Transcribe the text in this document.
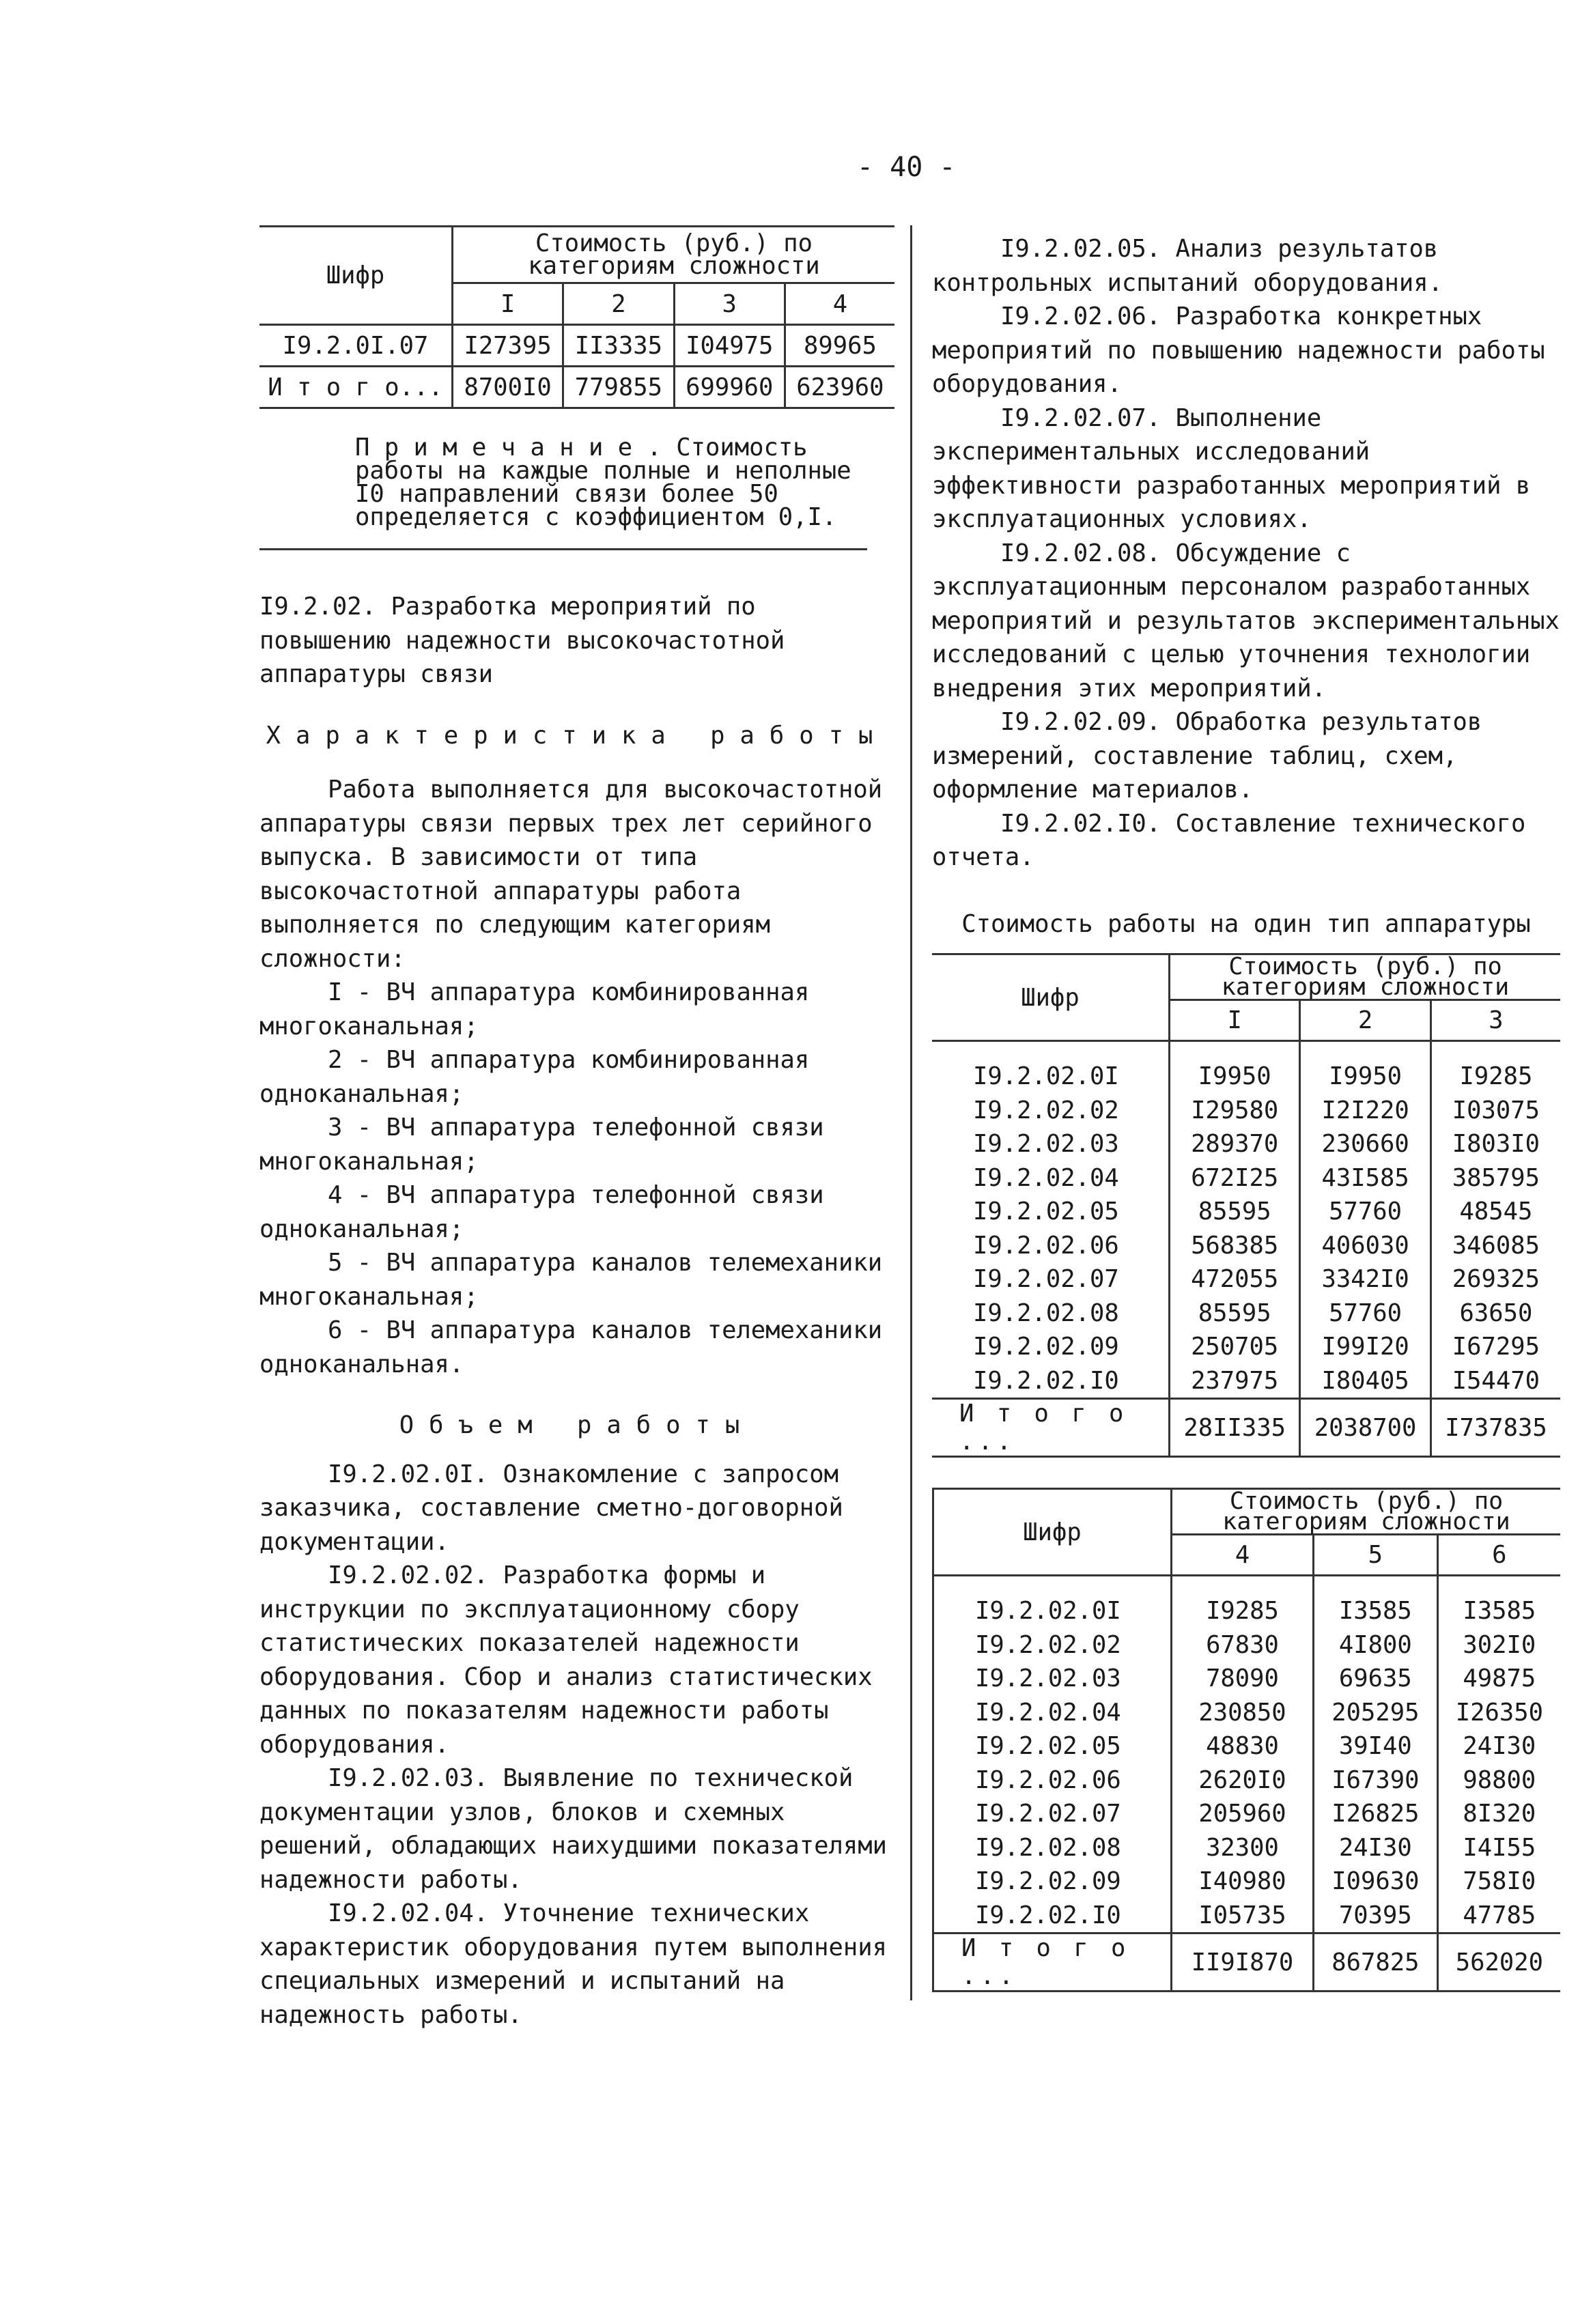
- 40 -
Шифр	Стоимость (руб.) по категориям сложности			
	I	2	3	4
I9.2.0I.07	I27395	II3335	I04975	89965
И т о г о...	8700I0	779855	699960	623960
П р и м е ч а н и е . Стоимость работы на каждые полные и неполные I0 направлений связи более 50 определяется с коэффициентом 0,I.

I9.2.02. Разработка мероприятий по повышению надежности высокочастотной аппаратуры связи

Характеристика работы

Работа выполняется для высокочастотной аппаратуры связи первых трех лет серийного выпуска. В зависимости от типа высокочастотной аппаратуры работа выполняется по следующим категориям сложности:

I - ВЧ аппаратура комбинированная многоканальная;

2 - ВЧ аппаратура комбинированная одноканальная;

3 - ВЧ аппаратура телефонной связи многоканальная;

4 - ВЧ аппаратура телефонной связи одноканальная;

5 - ВЧ аппаратура каналов телемеханики многоканальная;

6 - ВЧ аппаратура каналов телемеханики одноканальная.

Объем работы

I9.2.02.0I. Ознакомление с запросом заказчика, составление сметно-договорной документации.

I9.2.02.02. Разработка формы и инструкции по эксплуатационному сбору статистических показателей надежности оборудования. Сбор и анализ статистических данных по показателям надежности работы оборудования.

I9.2.02.03. Выявление по технической документации узлов, блоков и схемных решений, обладающих наихудшими показателями надежности работы.

I9.2.02.04. Уточнение технических характеристик оборудования путем выполнения специальных измерений и испытаний на надежность работы.

I9.2.02.05. Анализ результатов контрольных испытаний оборудования.

I9.2.02.06. Разработка конкретных мероприятий по повышению надежности работы оборудования.

I9.2.02.07. Выполнение экспериментальных исследований эффективности разработанных мероприятий в эксплуатационных условиях.

I9.2.02.08. Обсуждение с эксплуатационным персоналом разработанных мероприятий и результатов экспериментальных исследований с целью уточнения технологии внедрения этих мероприятий.

I9.2.02.09. Обработка результатов измерений, составление таблиц, схем, оформление материалов.

I9.2.02.I0. Составление технического отчета.

Стоимость работы на один тип аппаратуры

Шифр	Стоимость (руб.) по категориям сложности		
	I	2	3

I9.2.02.0I	I9950	I9950	I9285
I9.2.02.02	I29580	I2I220	I03075
I9.2.02.03	289370	230660	I803I0
I9.2.02.04	672I25	43I585	385795
I9.2.02.05	85595	57760	48545
I9.2.02.06	568385	406030	346085
I9.2.02.07	472055	3342I0	269325
I9.2.02.08	85595	57760	63650
I9.2.02.09	250705	I99I20	I67295
I9.2.02.I0	237975	I80405	I54470
И т о г о ...	28II335	2038700	I737835
Шифр	Стоимость (руб.) по категориям сложности		
	4	5	6

I9.2.02.0I	I9285	I3585	I3585
I9.2.02.02	67830	4I800	302I0
I9.2.02.03	78090	69635	49875
I9.2.02.04	230850	205295	I26350
I9.2.02.05	48830	39I40	24I30
I9.2.02.06	2620I0	I67390	98800
I9.2.02.07	205960	I26825	8I320
I9.2.02.08	32300	24I30	I4I55
I9.2.02.09	I40980	I09630	758I0
I9.2.02.I0	I05735	70395	47785
И т о г о ...	II9I870	867825	562020
